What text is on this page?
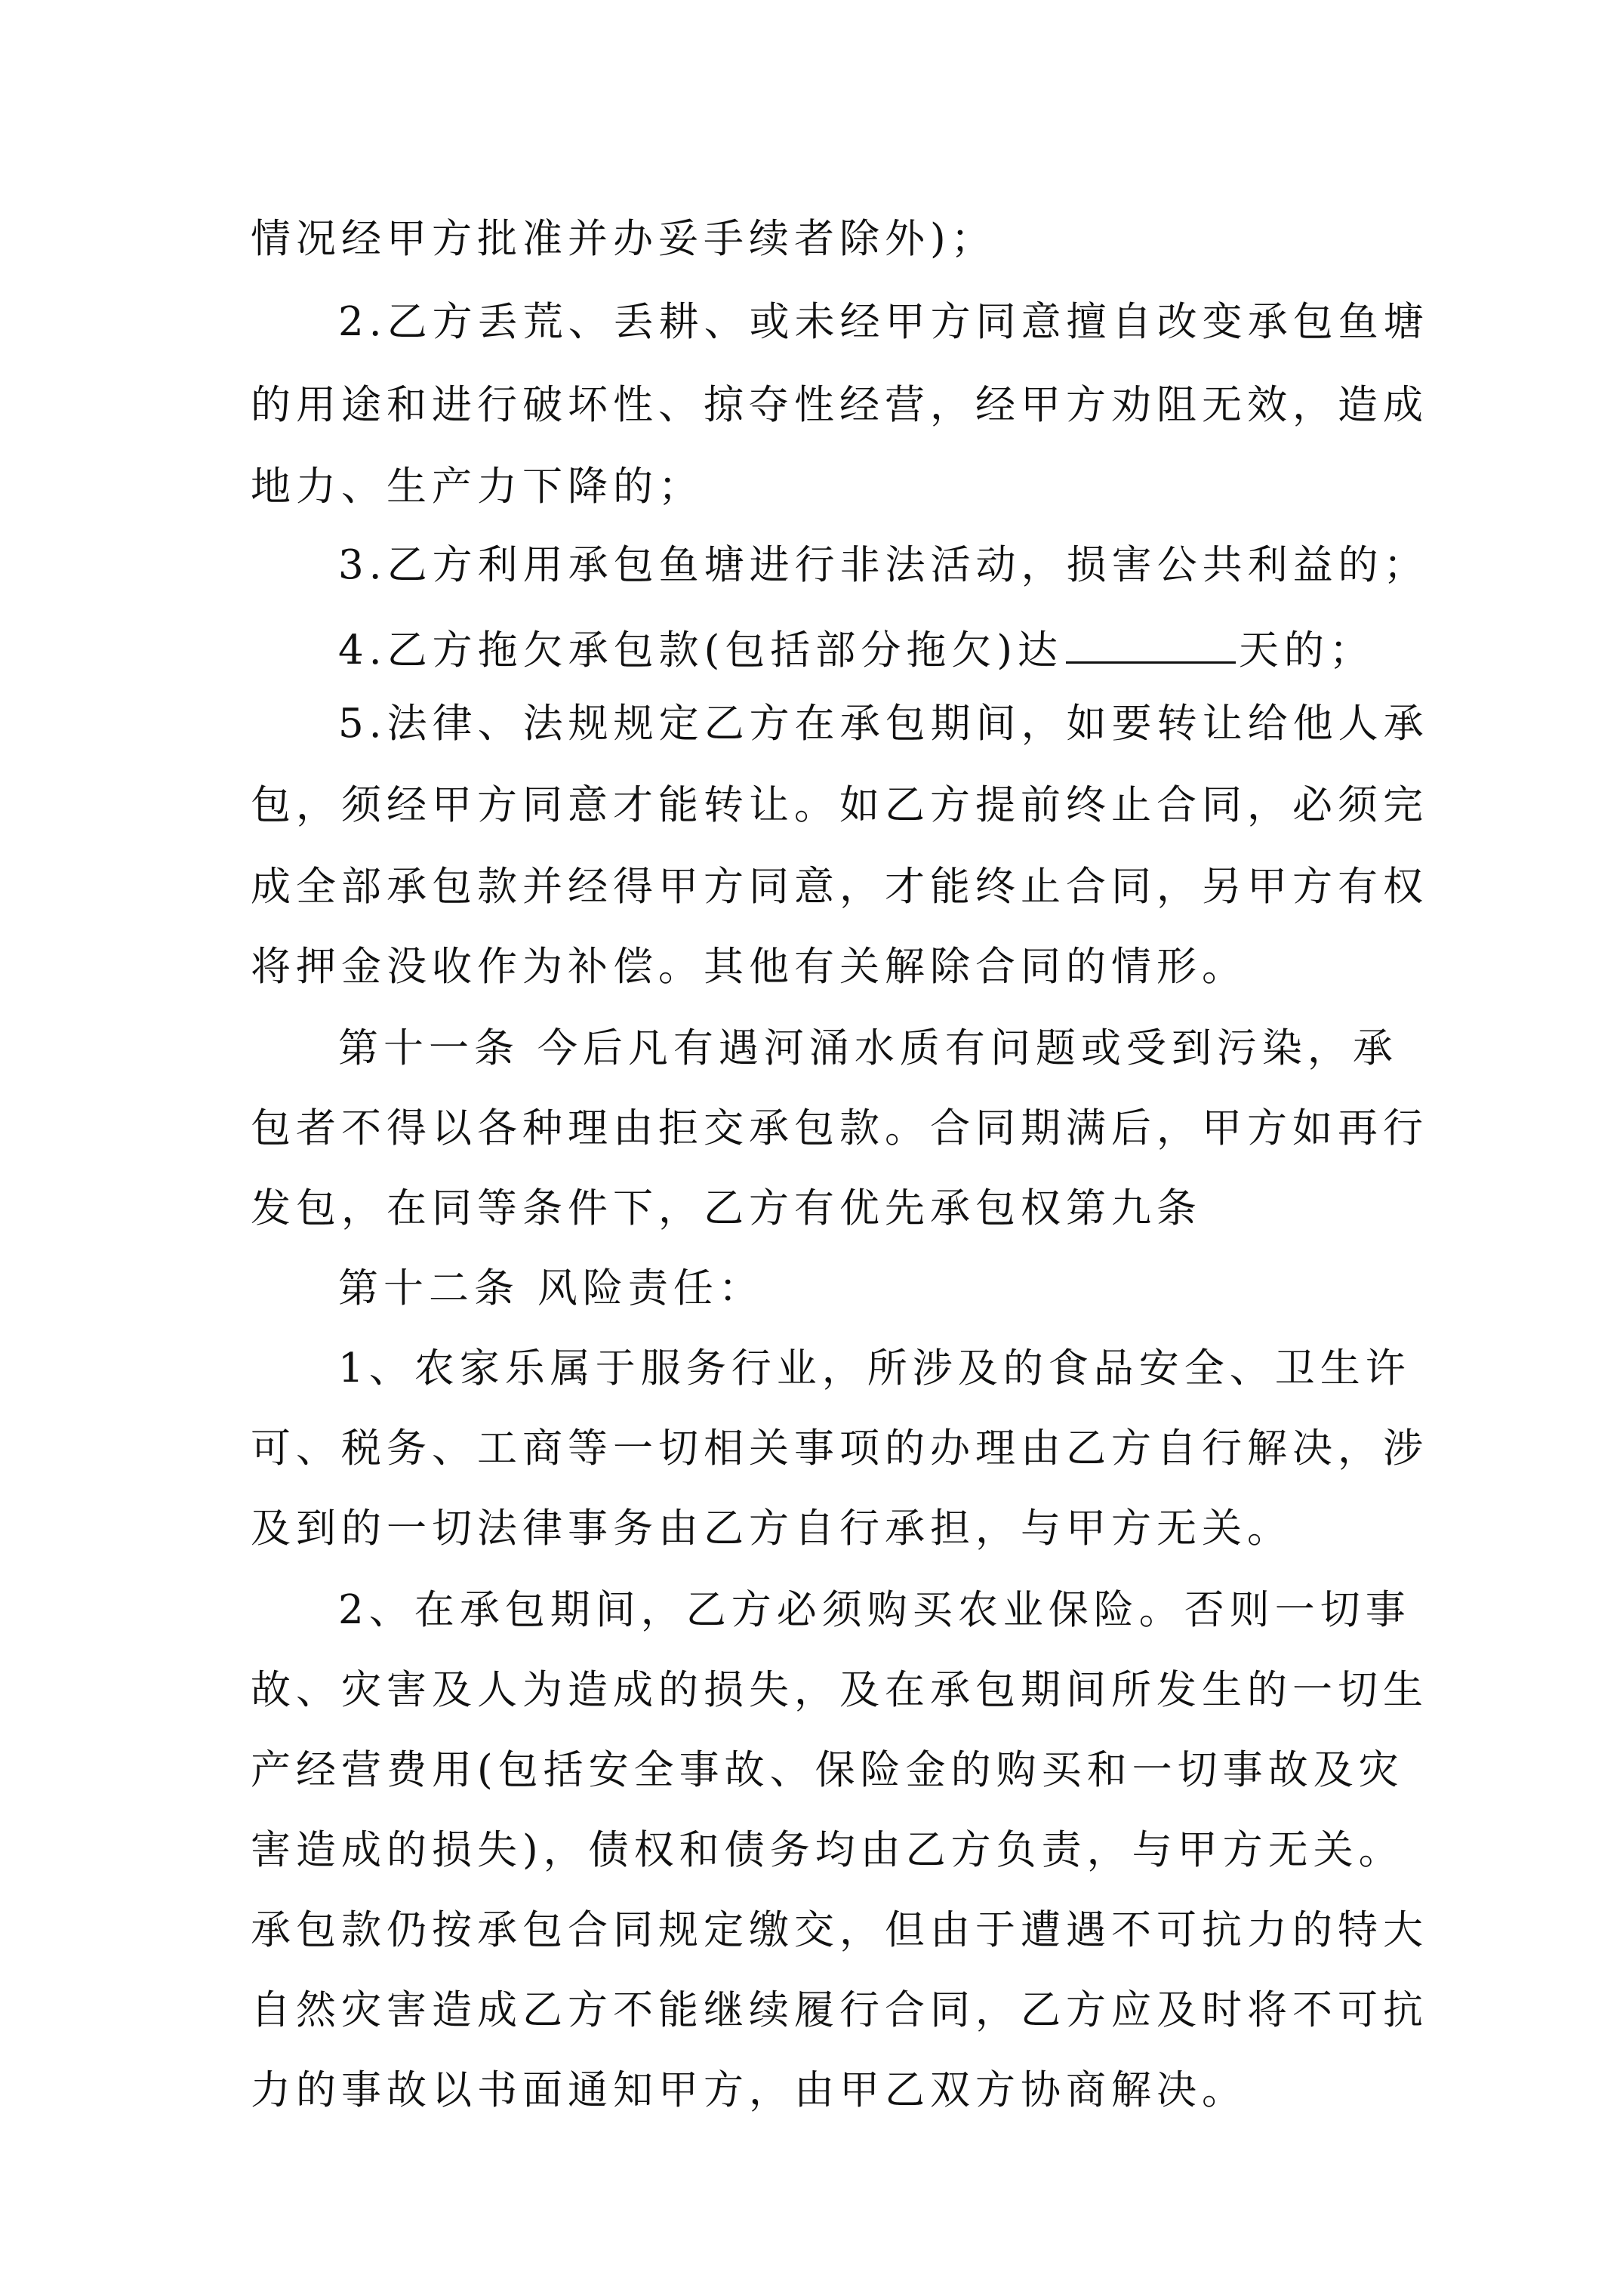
情况经甲方批准并办妥手续者除外)；
2.乙方丢荒、丢耕、或未经甲方同意擅自改变承包鱼塘
的用途和进行破坏性、掠夺性经营，经甲方劝阻无效，造成
地力、生产力下降的；
3.乙方利用承包鱼塘进行非法活动，损害公共利益的；
4.乙方拖欠承包款(包括部分拖欠)达	天的；
5.法律、法规规定乙方在承包期间，如要转让给他人承
包，须经甲方同意才能转让。如乙方提前终止合同，必须完
成全部承包款并经得甲方同意，才能终止合同，另甲方有权
将押金没收作为补偿。其他有关解除合同的情形。
第十一条 今后凡有遇河涌水质有问题或受到污染，承
包者不得以各种理由拒交承包款。合同期满后，甲方如再行
发包，在同等条件下，乙方有优先承包权第九条
第十二条 风险责任：
1、农家乐属于服务行业，所涉及的食品安全、卫生许
可、税务、工商等一切相关事项的办理由乙方自行解决，涉
及到的一切法律事务由乙方自行承担，与甲方无关。
2、在承包期间，乙方必须购买农业保险。否则一切事
故、灾害及人为造成的损失，及在承包期间所发生的一切生
产经营费用(包括安全事故、保险金的购买和一切事故及灾
害造成的损失)，债权和债务均由乙方负责，与甲方无关。
承包款仍按承包合同规定缴交，但由于遭遇不可抗力的特大
自然灾害造成乙方不能继续履行合同，乙方应及时将不可抗
力的事故以书面通知甲方，由甲乙双方协商解决。
